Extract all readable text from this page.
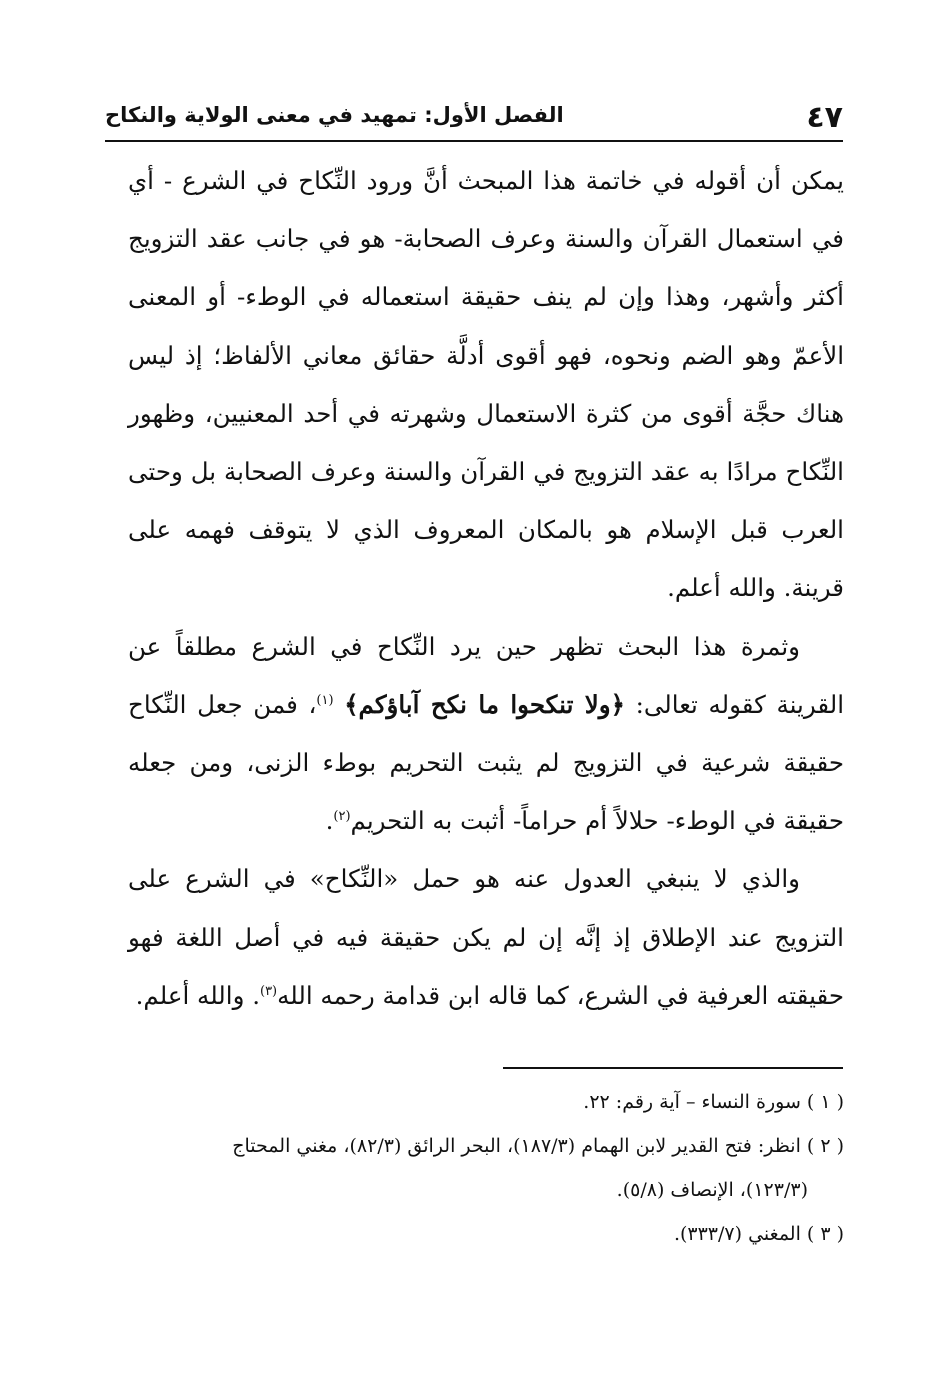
٤٧
الفصل الأول: تمهيد في معنى الولاية والنكاح

يمكن أن أقوله في خاتمة هذا المبحث أنَّ ورود النِّكاح في الشرع - أي في استعمال القرآن والسنة وعرف الصحابة- هو في جانب عقد التزويج أكثر وأشهر، وهذا وإن لم ينف حقيقة استعماله في الوطء- أو المعنى الأعمّ وهو الضم ونحوه، فهو أقوى أدلَّة حقائق معاني الألفاظ؛ إذ ليس هناك حجَّة أقوى من كثرة الاستعمال وشهرته في أحد المعنيين، وظهور النِّكاح مرادًا به عقد التزويج في القرآن والسنة وعرف الصحابة بل وحتى العرب قبل الإسلام هو بالمكان المعروف الذي لا يتوقف فهمه على قرينة. والله أعلم.

وثمرة هذا البحث تظهر حين يرد النِّكاح في الشرع مطلقاً عن القرينة كقوله تعالى: ﴿ولا تنكحوا ما نكح آباؤكم﴾ $^{(١)}$، فمن جعل النِّكاح حقيقة شرعية في التزويج لم يثبت التحريم بوطء الزنى، ومن جعله حقيقة في الوطء- حلالاً أم حراماً- أثبت به التحريم$^{(٢)}$.

والذي لا ينبغي العدول عنه هو حمل «النِّكاح» في الشرع على التزويج عند الإطلاق إذ إنَّه إن لم يكن حقيقة فيه في أصل اللغة فهو حقيقته العرفية في الشرع، كما قاله ابن قدامة رحمه الله$^{(٣)}$. والله أعلم.

( ١ )سورة النساء – آية رقم: ٢٢.

( ٢ )انظر: فتح القدير لابن الهمام (١٨٧/٣)، البحر الرائق (٨٢/٣)، مغني المحتاج

(١٢٣/٣)، الإنصاف (٥/٨).

( ٣ )المغني (٣٣٣/٧).
